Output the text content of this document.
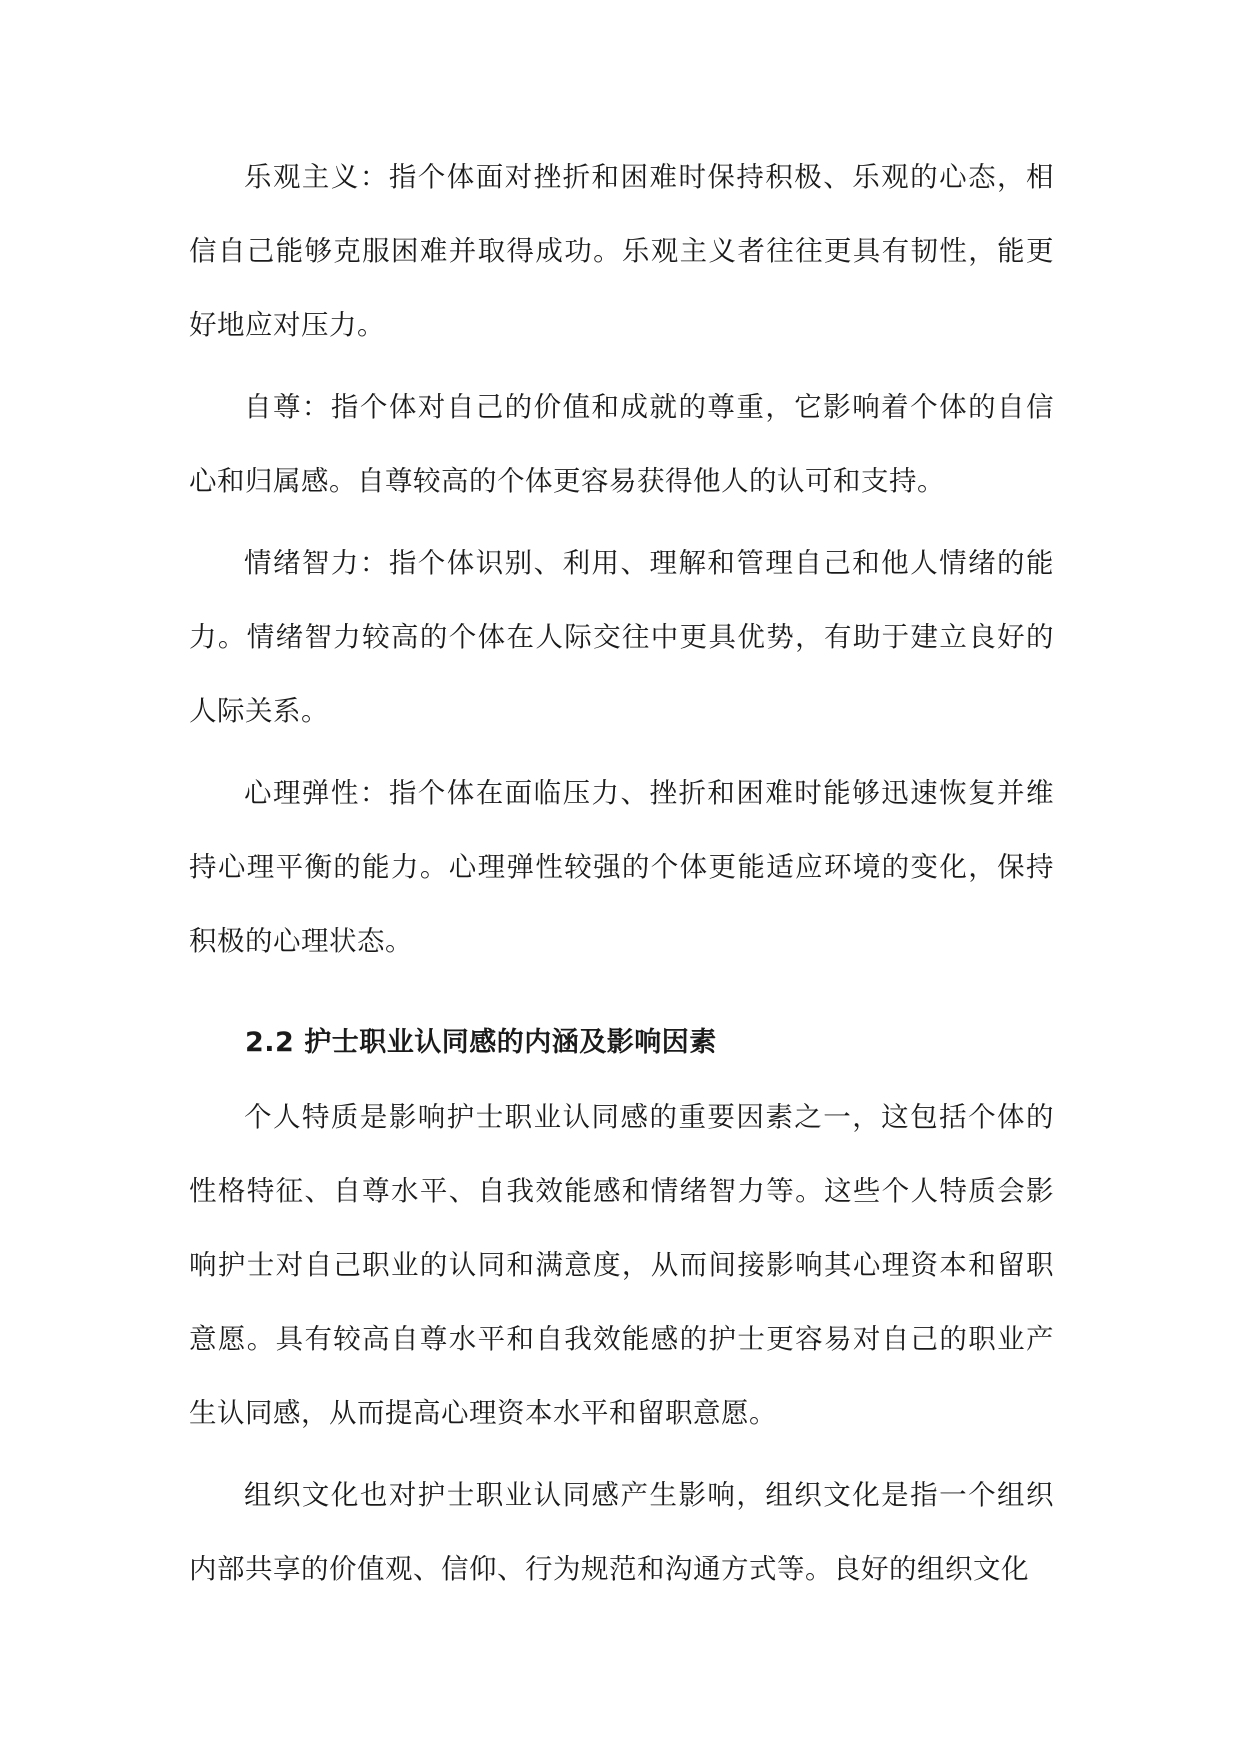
乐观主义：指个体面对挫折和困难时保持积极、乐观的心态，相信自己能够克服困难并取得成功。乐观主义者往往更具有韧性，能更好地应对压力。

自尊：指个体对自己的价值和成就的尊重，它影响着个体的自信心和归属感。自尊较高的个体更容易获得他人的认可和支持。

情绪智力：指个体识别、利用、理解和管理自己和他人情绪的能力。情绪智力较高的个体在人际交往中更具优势，有助于建立良好的人际关系。

心理弹性：指个体在面临压力、挫折和困难时能够迅速恢复并维持心理平衡的能力。心理弹性较强的个体更能适应环境的变化，保持积极的心理状态。

2.2 护士职业认同感的内涵及影响因素

个人特质是影响护士职业认同感的重要因素之一，这包括个体的性格特征、自尊水平、自我效能感和情绪智力等。这些个人特质会影响护士对自己职业的认同和满意度，从而间接影响其心理资本和留职意愿。具有较高自尊水平和自我效能感的护士更容易对自己的职业产生认同感，从而提高心理资本水平和留职意愿。

组织文化也对护士职业认同感产生影响，组织文化是指一个组织内部共享的价值观、信仰、行为规范和沟通方式等。良好的组织文化
